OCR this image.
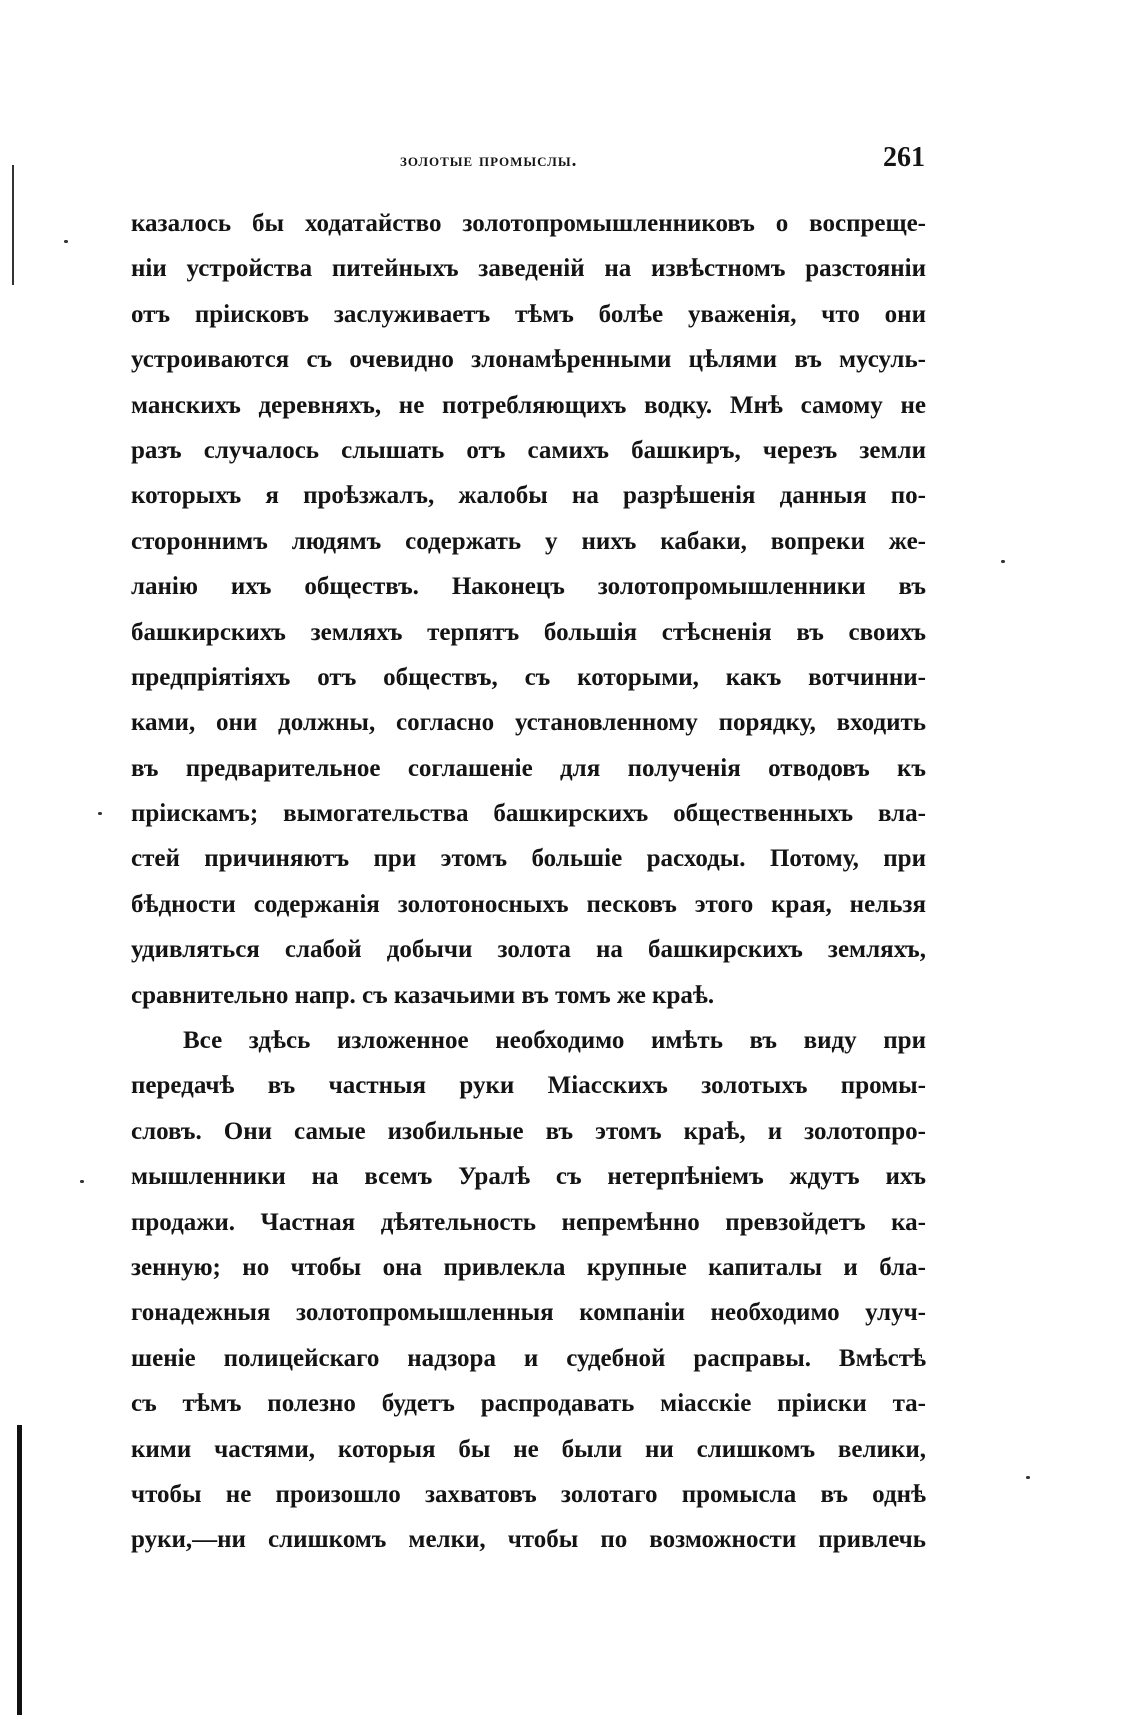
золотые промыслы.	261
казалось бы ходатайство золотопромышленниковъ о воспреще-
ніи устройства питейныхъ заведеній на извѣстномъ разстояніи
отъ пріисковъ заслуживаетъ тѣмъ болѣе уваженія, что они
устроиваются съ очевидно злонамѣренными цѣлями въ мусуль-
манскихъ деревняхъ, не потребляющихъ водку. Мнѣ самому не
разъ случалось слышать отъ самихъ башкиръ, черезъ земли
которыхъ я проѣзжалъ, жалобы на разрѣшенія данныя по-
стороннимъ людямъ содержать у нихъ кабаки, вопреки же-
ланію ихъ обществъ. Наконецъ золотопромышленники въ
башкирскихъ земляхъ терпятъ большія стѣсненія въ своихъ
предпріятіяхъ отъ обществъ, съ которыми, какъ вотчинни-
ками, они должны, согласно установленному порядку, входить
въ предварительное соглашеніе для полученія отводовъ къ
пріискамъ; вымогательства башкирскихъ общественныхъ вла-
стей причиняютъ при этомъ большіе расходы. Потому, при
бѣдности содержанія золотоносныхъ песковъ этого края, нельзя
удивляться слабой добычи золота на башкирскихъ земляхъ,
сравнительно напр. съ казачьими въ томъ же краѣ.
Все здѣсь изложенное необходимо имѣть въ виду при
передачѣ въ частныя руки Міасскихъ золотыхъ промы-
словъ. Они самые изобильные въ этомъ краѣ, и золотопро-
мышленники на всемъ Уралѣ съ нетерпѣніемъ ждутъ ихъ
продажи. Частная дѣятельность непремѣнно превзойдетъ ка-
зенную; но чтобы она привлекла крупные капиталы и бла-
гонадежныя золотопромышленныя компаніи необходимо улуч-
шеніе полицейскаго надзора и судебной расправы. Вмѣстѣ
съ тѣмъ полезно будетъ распродавать міасскіе пріиски та-
кими частями, которыя бы не были ни слишкомъ велики,
чтобы не произошло захватовъ золотаго промысла въ однѣ
руки,—ни слишкомъ мелки, чтобы по возможности привлечь
